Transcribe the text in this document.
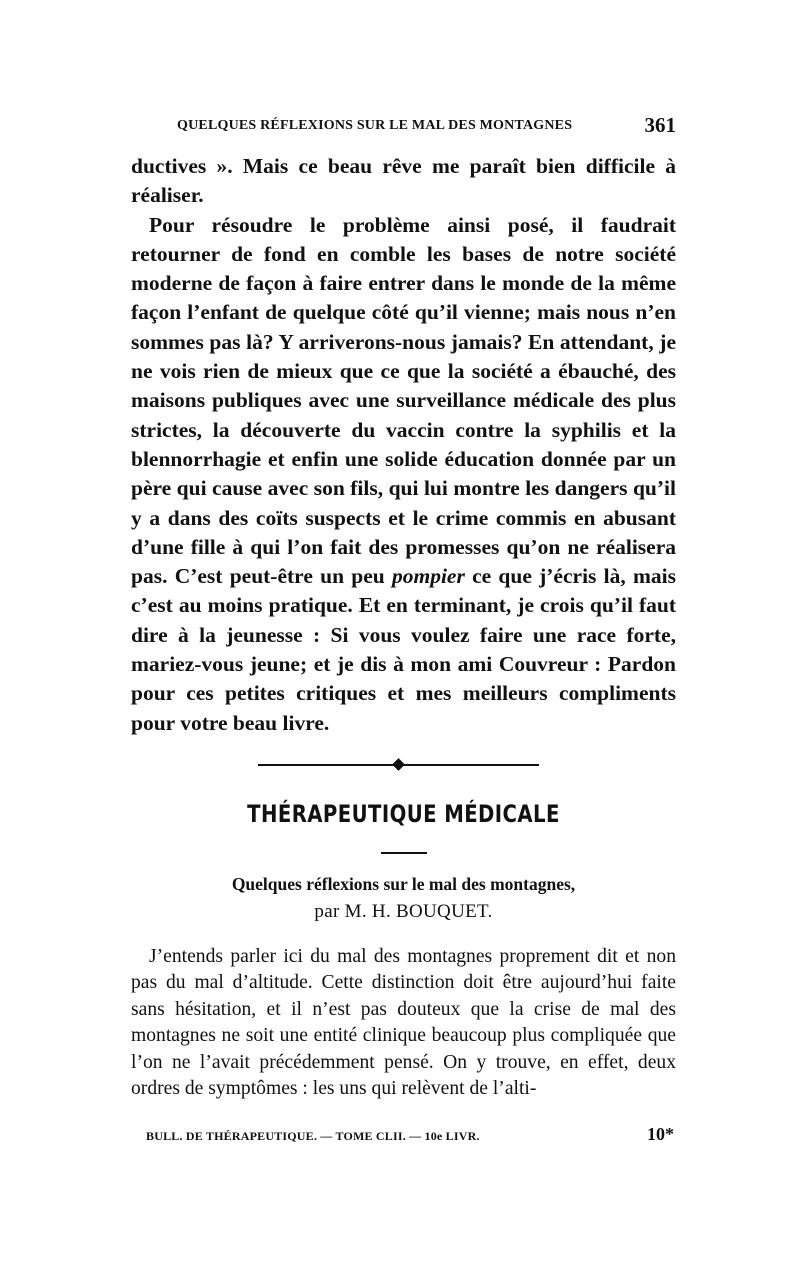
QUELQUES RÉFLEXIONS SUR LE MAL DES MONTAGNES	361

ductives ». Mais ce beau rêve me paraît bien difficile à réaliser.

Pour résoudre le problème ainsi posé, il faudrait retourner de fond en comble les bases de notre société moderne de façon à faire entrer dans le monde de la même façon l’enfant de quelque côté qu’il vienne; mais nous n’en sommes pas là? Y arriverons-nous jamais? En attendant, je ne vois rien de mieux que ce que la société a ébauché, des maisons publiques avec une surveillance médicale des plus strictes, la découverte du vaccin contre la syphilis et la blennorrhagie et enfin une solide éducation donnée par un père qui cause avec son fils, qui lui montre les dangers qu’il y a dans des coïts suspects et le crime commis en abusant d’une fille à qui l’on fait des promesses qu’on ne réalisera pas. C’est peut-être un peu pompier ce que j’écris là, mais c’est au moins pratique. Et en terminant, je crois qu’il faut dire à la jeunesse : Si vous voulez faire une race forte, mariez-vous jeune; et je dis à mon ami Couvreur : Pardon pour ces petites critiques et mes meilleurs compliments pour votre beau livre.

THÉRAPEUTIQUE MÉDICALE
Quelques réflexions sur le mal des montagnes,
par M. H. BOUQUET.

J’entends parler ici du mal des montagnes proprement dit et non pas du mal d’altitude. Cette distinction doit être aujourd’hui faite sans hésitation, et il n’est pas douteux que la crise de mal des montagnes ne soit une entité clinique beaucoup plus compliquée que l’on ne l’avait précédemment pensé. On y trouve, en effet, deux ordres de symptômes : les uns qui relèvent de l’alti-

BULL. DE THÉRAPEUTIQUE. — TOME CLII. — 10e LIVR.	10*
